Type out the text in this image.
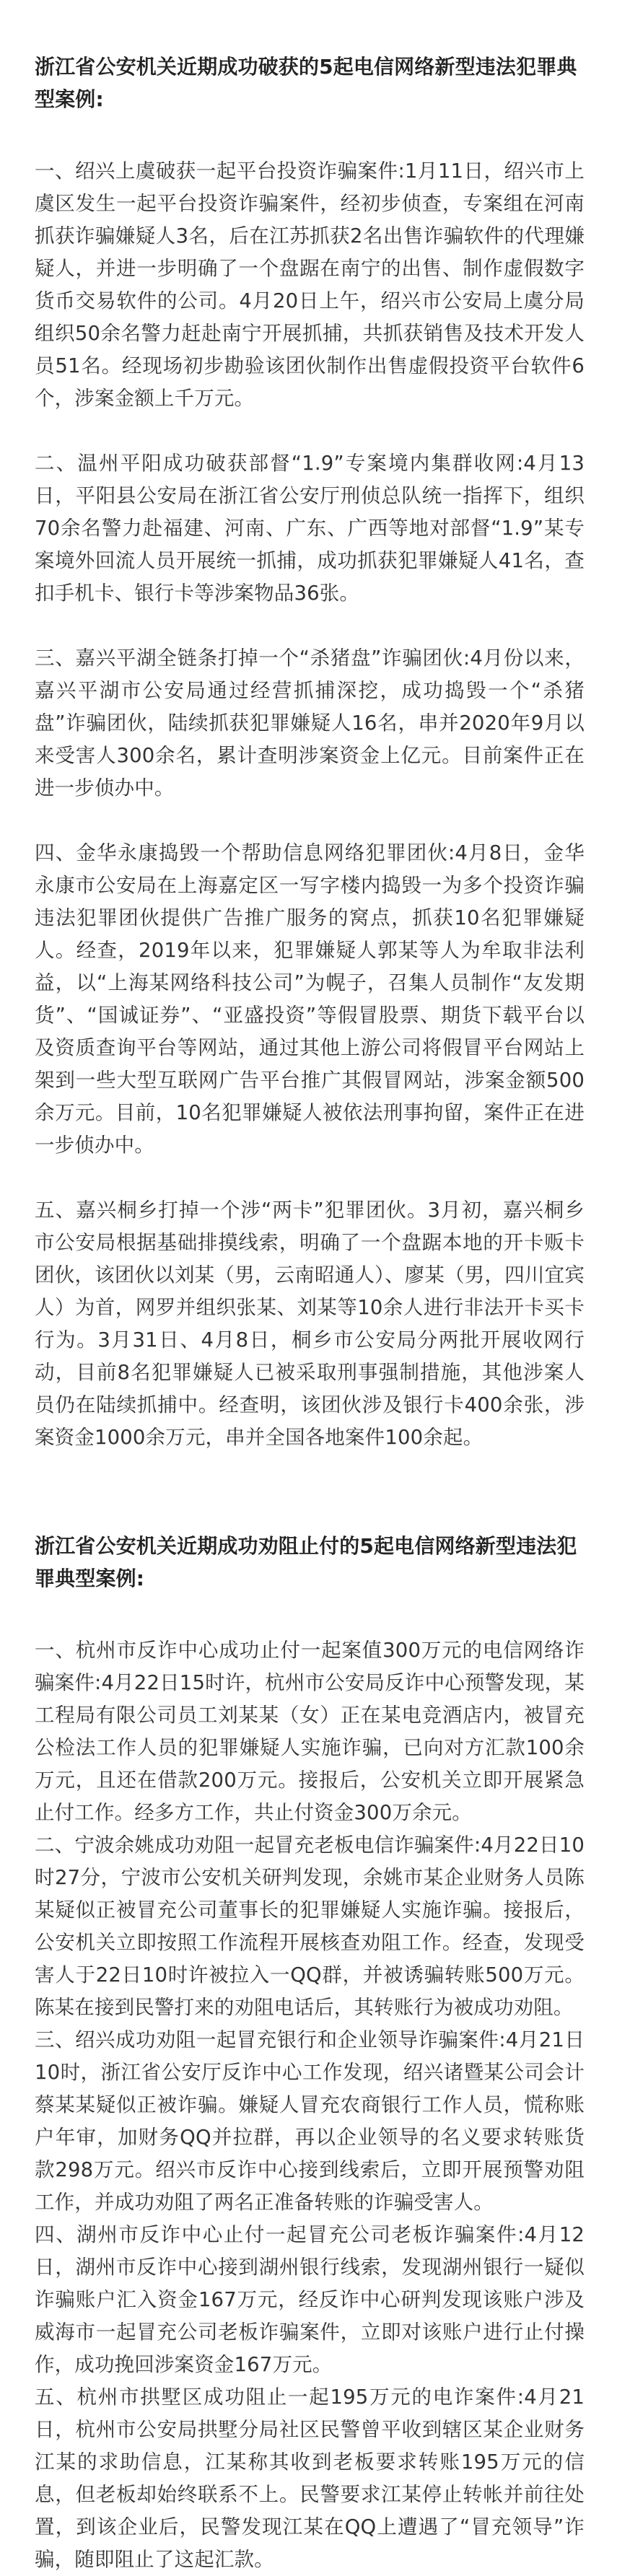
浙江省公安机关近期成功破获的5起电信网络新型违法犯罪典型案例:

一、绍兴上虞破获一起平台投资诈骗案件:1月11日，绍兴市上虞区发生一起平台投资诈骗案件，经初步侦查，专案组在河南抓获诈骗嫌疑人3名，后在江苏抓获2名出售诈骗软件的代理嫌疑人，并进一步明确了一个盘踞在南宁的出售、制作虚假数字货币交易软件的公司。4月20日上午，绍兴市公安局上虞分局组织50余名警力赶赴南宁开展抓捕，共抓获销售及技术开发人员51名。经现场初步勘验该团伙制作出售虚假投资平台软件6个，涉案金额上千万元。

二、温州平阳成功破获部督“1.9”专案境内集群收网:4月13日，平阳县公安局在浙江省公安厅刑侦总队统一指挥下，组织70余名警力赴福建、河南、广东、广西等地对部督“1.9”某专案境外回流人员开展统一抓捕，成功抓获犯罪嫌疑人41名，查扣手机卡、银行卡等涉案物品36张。

三、嘉兴平湖全链条打掉一个“杀猪盘”诈骗团伙:4月份以来，嘉兴平湖市公安局通过经营抓捕深挖，成功捣毁一个“杀猪盘”诈骗团伙，陆续抓获犯罪嫌疑人16名，串并2020年9月以来受害人300余名，累计查明涉案资金上亿元。目前案件正在进一步侦办中。

四、金华永康捣毁一个帮助信息网络犯罪团伙:4月8日，金华永康市公安局在上海嘉定区一写字楼内捣毁一为多个投资诈骗违法犯罪团伙提供广告推广服务的窝点，抓获10名犯罪嫌疑人。经查，2019年以来，犯罪嫌疑人郭某等人为牟取非法利益，以“上海某网络科技公司”为幌子，召集人员制作“友发期货”、“国诚证券”、“亚盛投资”等假冒股票、期货下载平台以及资质查询平台等网站，通过其他上游公司将假冒平台网站上架到一些大型互联网广告平台推广其假冒网站，涉案金额500余万元。目前，10名犯罪嫌疑人被依法刑事拘留，案件正在进一步侦办中。

五、嘉兴桐乡打掉一个涉“两卡”犯罪团伙。3月初，嘉兴桐乡市公安局根据基础排摸线索，明确了一个盘踞本地的开卡贩卡团伙，该团伙以刘某（男，云南昭通人）、廖某（男，四川宜宾人）为首，网罗并组织张某、刘某等10余人进行非法开卡买卡行为。3月31日、4月8日，桐乡市公安局分两批开展收网行动，目前8名犯罪嫌疑人已被采取刑事强制措施，其他涉案人员仍在陆续抓捕中。经查明，该团伙涉及银行卡400余张，涉案资金1000余万元，串并全国各地案件100余起。

浙江省公安机关近期成功劝阻止付的5起电信网络新型违法犯罪典型案例:

一、杭州市反诈中心成功止付一起案值300万元的电信网络诈骗案件:4月22日15时许，杭州市公安局反诈中心预警发现，某工程局有限公司员工刘某某（女）正在某电竞酒店内，被冒充公检法工作人员的犯罪嫌疑人实施诈骗，已向对方汇款100余万元，且还在借款200万元。接报后，公安机关立即开展紧急止付工作。经多方工作，共止付资金300万余元。

二、宁波余姚成功劝阻一起冒充老板电信诈骗案件:4月22日10时27分，宁波市公安机关研判发现，余姚市某企业财务人员陈某疑似正被冒充公司董事长的犯罪嫌疑人实施诈骗。接报后，公安机关立即按照工作流程开展核查劝阻工作。经查，发现受害人于22日10时许被拉入一QQ群，并被诱骗转账500万元。陈某在接到民警打来的劝阻电话后，其转账行为被成功劝阻。

三、绍兴成功劝阻一起冒充银行和企业领导诈骗案件:4月21日10时，浙江省公安厅反诈中心工作发现，绍兴诸暨某公司会计蔡某某疑似正被诈骗。嫌疑人冒充农商银行工作人员，慌称账户年审，加财务QQ并拉群，再以企业领导的名义要求转账货款298万元。绍兴市反诈中心接到线索后，立即开展预警劝阻工作，并成功劝阻了两名正准备转账的诈骗受害人。

四、湖州市反诈中心止付一起冒充公司老板诈骗案件:4月12日，湖州市反诈中心接到湖州银行线索，发现湖州银行一疑似诈骗账户汇入资金167万元，经反诈中心研判发现该账户涉及威海市一起冒充公司老板诈骗案件，立即对该账户进行止付操作，成功挽回涉案资金167万元。

五、杭州市拱墅区成功阻止一起195万元的电诈案件:4月21日，杭州市公安局拱墅分局社区民警曾平收到辖区某企业财务江某的求助信息，江某称其收到老板要求转账195万元的信息，但老板却始终联系不上。民警要求江某停止转帐并前往处置，到该企业后，民警发现江某在QQ上遭遇了“冒充领导”诈骗，随即阻止了这起汇款。
